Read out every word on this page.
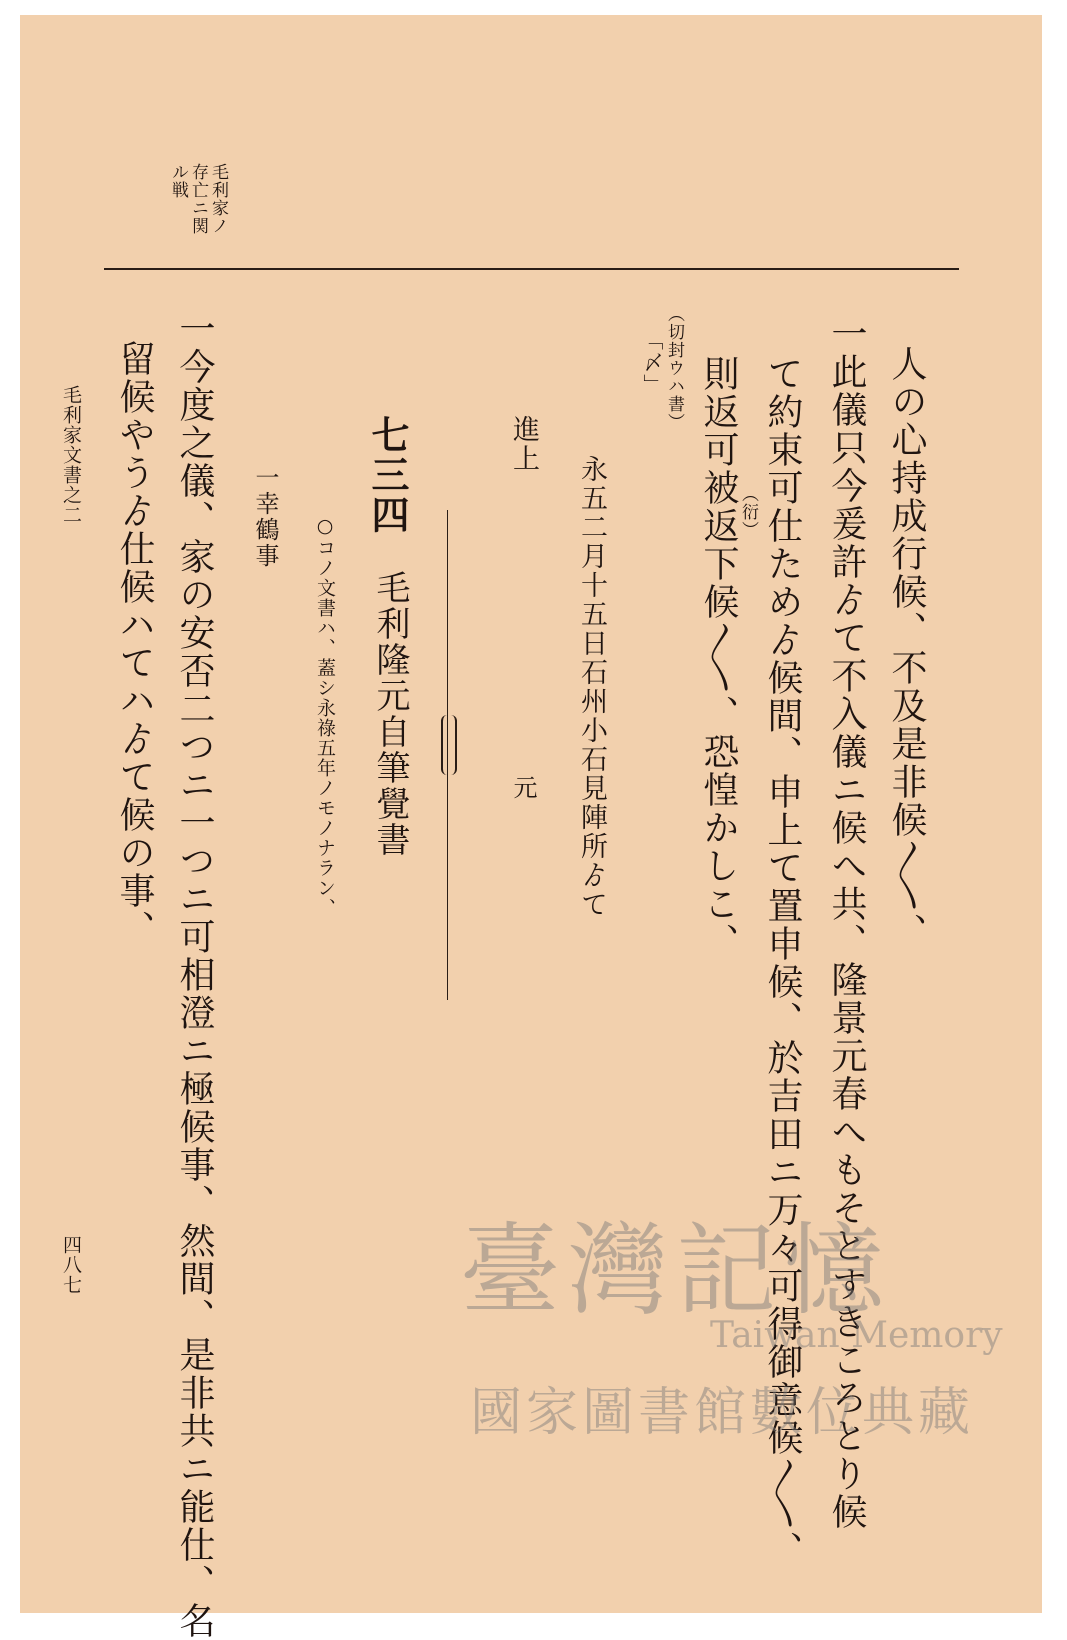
毛利家ノ
存亡ニ関
ル戦
人の心持成行候、不及是非候〳〵、
一此儀只今爰許ゟて不入儀ニ候へ共、隆景元春へもそとすきころとり候
て約束可仕ためゟ候間、申上て置申候、於吉田ニ万々可得御意候〳〵、
（衍）
則返可被返下候〳〵、恐惶かしこ、
（切封ウハ書）
「〆」
永五二月十五日石州小石見陣所ゟて
進上
元
七三四
毛利隆元自筆覺書
○コノ文書ハ、蓋シ永祿五年ノモノナラン、
一幸鶴事
一今度之儀、家の安否二つニ一つニ可相澄ニ極候事、然間、是非共ニ能仕、名
留候やうゟ仕候ハてハゟて候の事、
毛利家文書之二
四八七	臺灣記憶
Taiwan Memory
國家圖書館數位典藏
